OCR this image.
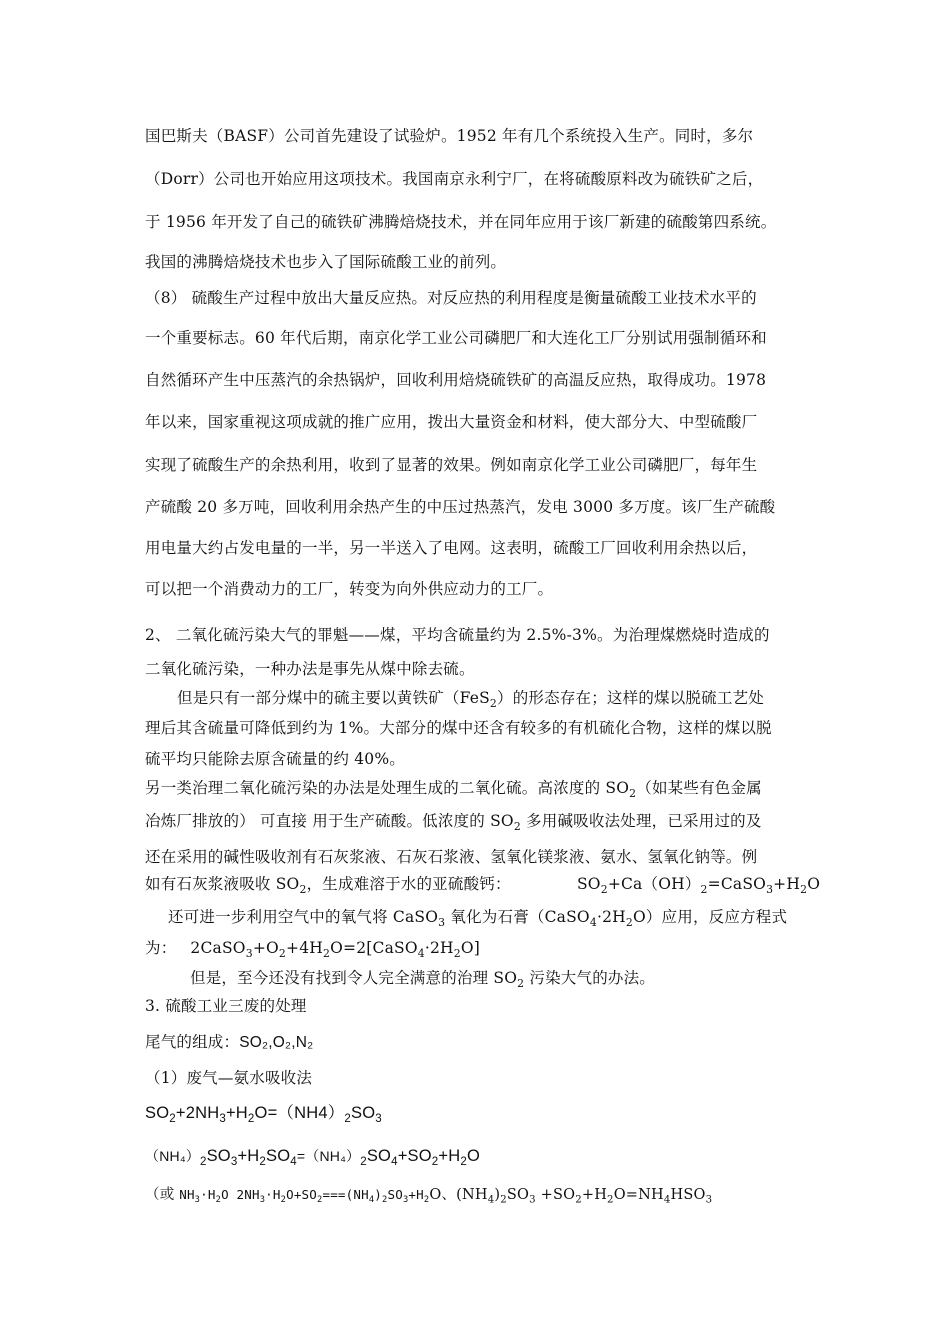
国巴斯夫（BASF）公司首先建设了试验炉。1952 年有几个系统投入生产。同时，多尔
（Dorr）公司也开始应用这项技术。我国南京永利宁厂，在将硫酸原料改为硫铁矿之后，
于 1956 年开发了自己的硫铁矿沸腾焙烧技术，并在同年应用于该厂新建的硫酸第四系统。
我国的沸腾焙烧技术也步入了国际硫酸工业的前列。
（8） 硫酸生产过程中放出大量反应热。对反应热的利用程度是衡量硫酸工业技术水平的
一个重要标志。60 年代后期，南京化学工业公司磷肥厂和大连化工厂分别试用强制循环和
自然循环产生中压蒸汽的余热锅炉，回收利用焙烧硫铁矿的高温反应热，取得成功。1978
年以来，国家重视这项成就的推广应用，拨出大量资金和材料，使大部分大、中型硫酸厂
实现了硫酸生产的余热利用，收到了显著的效果。例如南京化学工业公司磷肥厂，每年生
产硫酸 20 多万吨，回收利用余热产生的中压过热蒸汽，发电 3000 多万度。该厂生产硫酸
用电量大约占发电量的一半，另一半送入了电网。这表明，硫酸工厂回收利用余热以后，
可以把一个消费动力的工厂，转变为向外供应动力的工厂。
2、 二氧化硫污染大气的罪魁——煤，平均含硫量约为 2.5%-3%。为治理煤燃烧时造成的
二氧化硫污染，一种办法是事先从煤中除去硫。
但是只有一部分煤中的硫主要以黄铁矿（FeS$_2$）的形态存在；这样的煤以脱硫工艺处
理后其含硫量可降低到约为 1%。大部分的煤中还含有较多的有机硫化合物，这样的煤以脱
硫平均只能除去原含硫量的约 40%。
另一类治理二氧化硫污染的办法是处理生成的二氧化硫。高浓度的 $SO_2$（如某些有色金属
冶炼厂排放的） 可直接 用于生产硫酸。低浓度的 $SO_2$ 多用碱吸收法处理，已采用过的及
还在采用的碱性吸收剂有石灰浆液、石灰石浆液、氢氧化镁浆液、氨水、氢氧化钠等。例
如有石灰浆液吸收 $SO_2$，生成难溶于水的亚硫酸钙：	$SO_2+Ca(OH)_2=CaSO_3+H_2O$
还可进一步利用空气中的氧气将 CaSO$_3$ 氧化为石膏$(CaSO_4\cdot 2H_2O)$应用，反应方程式
为： $2CaSO_3+O_2+4H_2O=2[CaSO_4\cdot 2H_2O]$
但是，至今还没有找到令人完全满意的治理 $SO_2$ 污染大气的办法。
3. 硫酸工业三废的处理
尾气的组成：SO₂,O₂,N₂
（1）废气—氨水吸收法
$SO_2+2NH_3+H_2O=(NH4)_2SO_3$
$(NH_4)_2SO_3+H_2SO_4=(NH_4)_2SO_4+SO_2+H_2O$
（或 $NH_3\cdot H_2O$ $2NH_3\cdot H_2O+SO_2===(NH_4)_2SO_3+H_2O$、$(NH_4)_2SO_3 +SO_2+H_2O=NH_4HSO_3$
